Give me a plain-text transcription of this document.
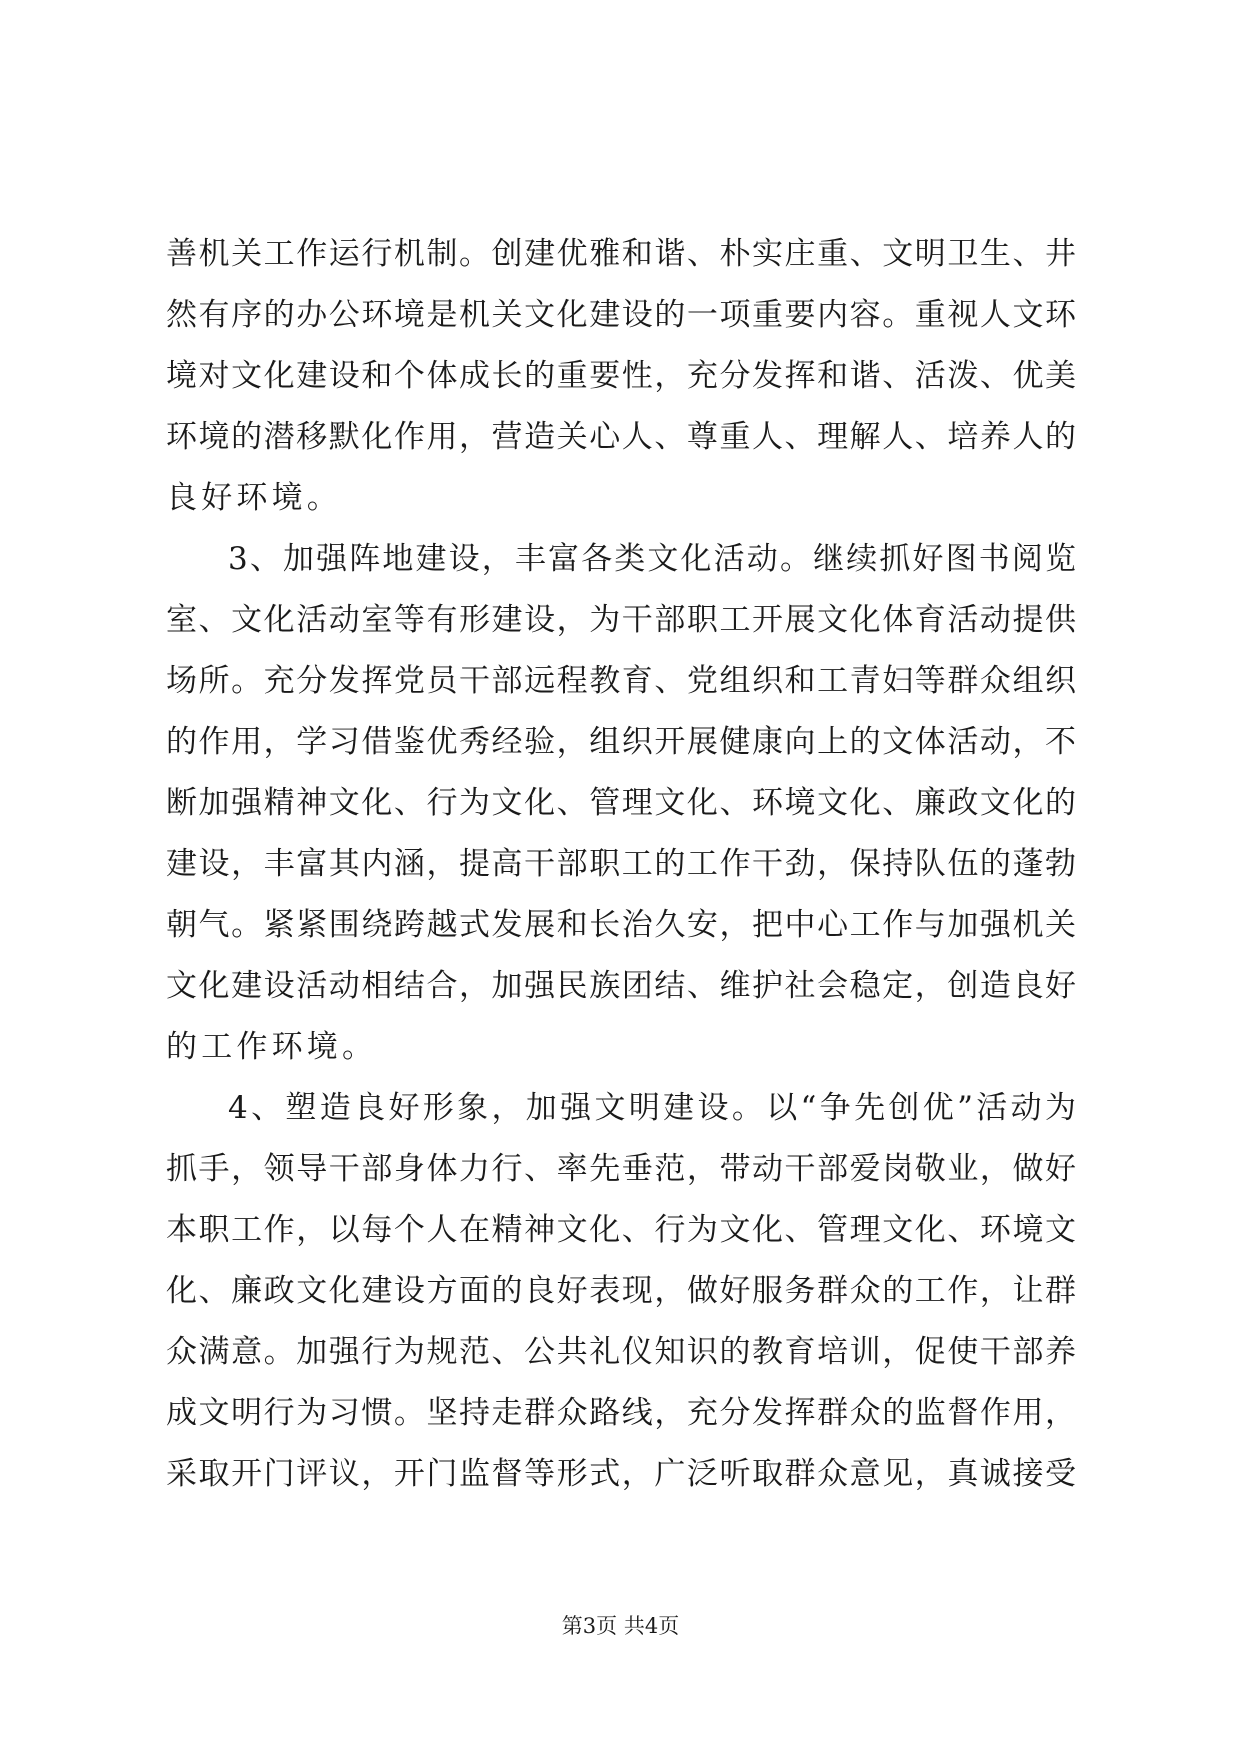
善机关工作运行机制。创建优雅和谐、朴实庄重、文明卫生、井
然有序的办公环境是机关文化建设的一项重要内容。重视人文环
境对文化建设和个体成长的重要性，充分发挥和谐、活泼、优美
环境的潜移默化作用，营造关心人、尊重人、理解人、培养人的
良好环境。
3、加强阵地建设，丰富各类文化活动。继续抓好图书阅览
室、文化活动室等有形建设，为干部职工开展文化体育活动提供
场所。充分发挥党员干部远程教育、党组织和工青妇等群众组织
的作用，学习借鉴优秀经验，组织开展健康向上的文体活动，不
断加强精神文化、行为文化、管理文化、环境文化、廉政文化的
建设，丰富其内涵，提高干部职工的工作干劲，保持队伍的蓬勃
朝气。紧紧围绕跨越式发展和长治久安，把中心工作与加强机关
文化建设活动相结合，加强民族团结、维护社会稳定，创造良好
的工作环境。
4、塑造良好形象，加强文明建设。以“争先创优”活动为
抓手，领导干部身体力行、率先垂范，带动干部爱岗敬业，做好
本职工作，以每个人在精神文化、行为文化、管理文化、环境文
化、廉政文化建设方面的良好表现，做好服务群众的工作，让群
众满意。加强行为规范、公共礼仪知识的教育培训，促使干部养
成文明行为习惯。坚持走群众路线，充分发挥群众的监督作用，
采取开门评议，开门监督等形式，广泛听取群众意见，真诚接受
第3页 共4页
